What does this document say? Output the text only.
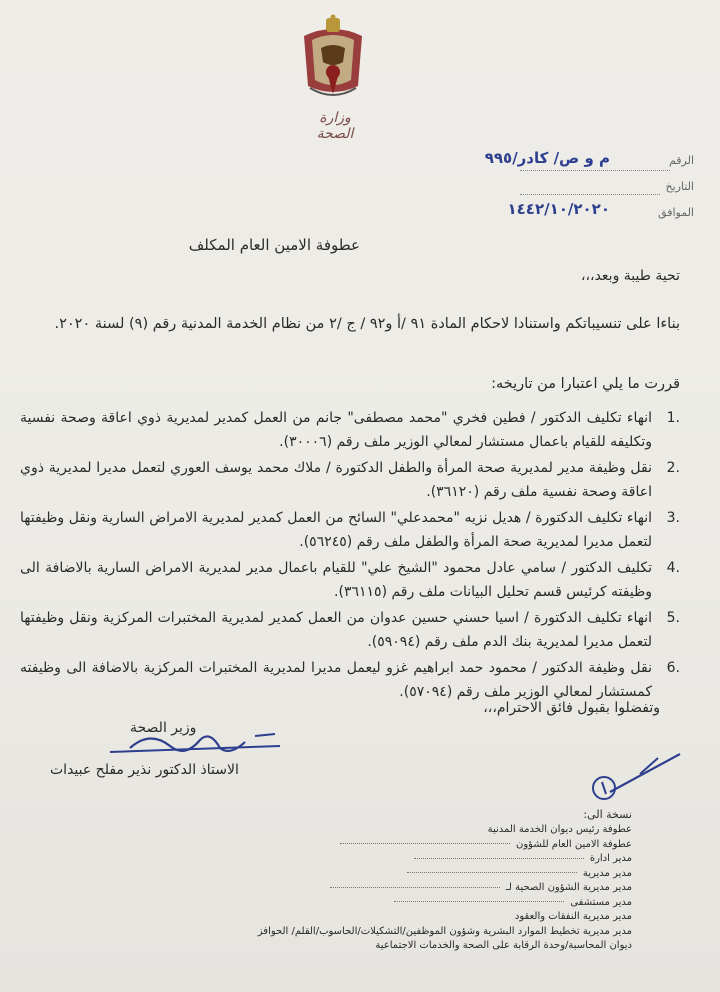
وزارة الصحة
الرقم
م و ص/ كادر/٩٩٥
التاريخ
الموافق
١٤٤٢/١٠/٢٠٢٠
عطوفة الامين العام المكلف
تحية طيبة وبعد،،،
بناءا على تنسيباتكم واستنادا لاحكام المادة ٩١ /أ و٩٢ / ج /٢ من نظام الخدمة المدنية رقم (٩) لسنة ٢٠٢٠.
قررت ما يلي اعتبارا من تاريخه:
1.
انهاء تكليف الدكتور / فطين فخري "محمد مصطفى" جانم من العمل كمدير لمديرية ذوي اعاقة وصحة نفسية وتكليفه للقيام باعمال مستشار لمعالي الوزير ملف رقم (٣٠٠٠٦).
2.
نقل وظيفة مدير لمديرية صحة المرأة والطفل الدكتورة / ملاك محمد يوسف العوري لتعمل مديرا لمديرية ذوي اعاقة وصحة نفسية ملف رقم (٣٦١٢٠).
3.
انهاء تكليف الدكتورة / هديل نزيه "محمدعلي" السائح من العمل كمدير لمديرية الامراض السارية ونقل وظيفتها لتعمل مديرا لمديرية صحة المرأة والطفل ملف رقم (٥٦٢٤٥).
4.
تكليف الدكتور / سامي عادل محمود "الشيخ علي" للقيام باعمال مدير لمديرية الامراض السارية بالاضافة الى وظيفته كرئيس قسم تحليل البيانات ملف رقم (٣٦١١٥).
5.
انهاء تكليف الدكتورة / اسيا حسني حسين عدوان من العمل كمدير لمديرية المختبرات المركزية ونقل وظيفتها لتعمل مديرا لمديرية بنك الدم ملف رقم (٥٩٠٩٤).
6.
نقل وظيفة الدكتور / محمود حمد ابراهيم غزو ليعمل مديرا لمديرية المختبرات المركزية بالاضافة الى وظيفته كمستشار لمعالي الوزير ملف رقم (٥٧٠٩٤).
وتفضلوا بقبول فائق الاحترام،،،
وزير الصحة
الاستاذ الدكتور نذير مفلح عبيدات
نسخة الى:
عطوفة رئيس ديوان الخدمة المدنية
عطوفة الامين العام للشؤون
مدير ادارة
مدير مديرية
مدير مديرية الشؤون الصحية لـ
مدير مستشفى
مدير مديرية النفقات والعقود
مدير مديرية تخطيط الموارد البشرية وشؤون الموظفين/التشكيلات/الحاسوب/القلم/ الحوافز
ديوان المحاسبة/وحدة الرقابة على الصحة والخدمات الاجتماعية
